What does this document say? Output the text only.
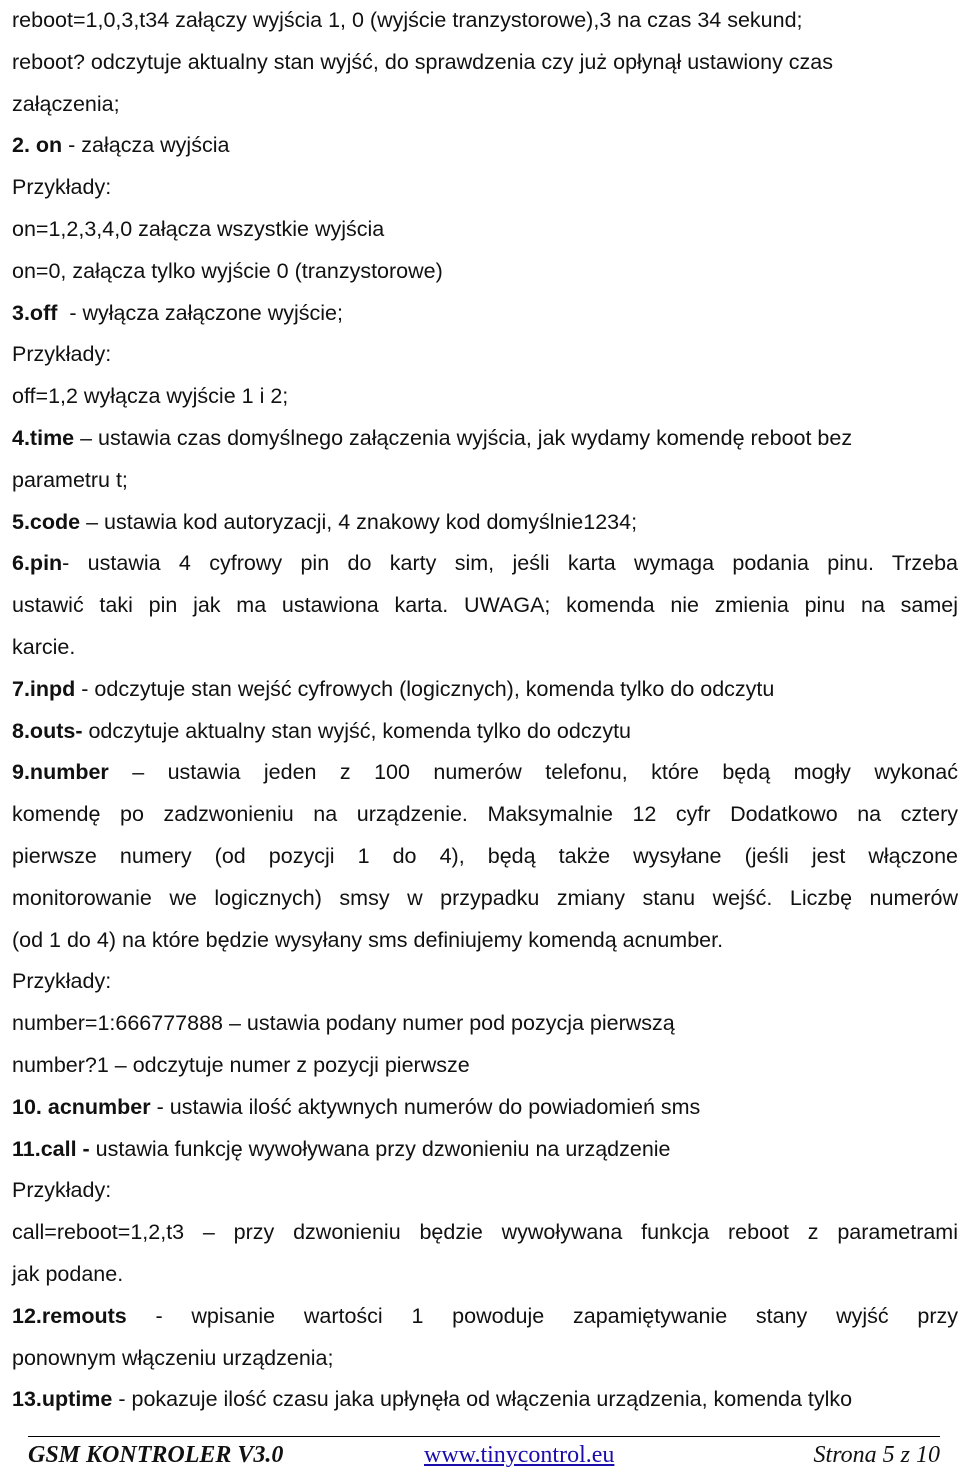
reboot=1,0,3,t34 załączy wyjścia 1, 0 (wyjście tranzystorowe),3 na czas 34 sekund;
reboot? odczytuje aktualny stan wyjść, do sprawdzenia czy już opłynął ustawiony czas
załączenia;
2. on - załącza wyjścia
Przykłady:
on=1,2,3,4,0 załącza wszystkie wyjścia
on=0, załącza tylko wyjście 0 (tranzystorowe)
3.off  - wyłącza załączone wyjście;
Przykłady:
off=1,2 wyłącza wyjście 1 i 2;
4.time – ustawia czas domyślnego załączenia wyjścia, jak wydamy komendę reboot bez
parametru t;
5.code – ustawia kod autoryzacji, 4 znakowy kod domyślnie1234;
6.pin- ustawia 4 cyfrowy pin do karty sim, jeśli karta wymaga podania pinu. Trzeba
ustawić taki pin jak ma ustawiona karta. UWAGA; komenda nie zmienia pinu na samej
karcie.
7.inpd - odczytuje stan wejść cyfrowych (logicznych), komenda tylko do odczytu
8.outs- odczytuje aktualny stan wyjść, komenda tylko do odczytu
9.number – ustawia jeden z 100 numerów telefonu, które będą mogły wykonać
komendę po zadzwonieniu na urządzenie. Maksymalnie 12 cyfr Dodatkowo na cztery
pierwsze numery (od pozycji 1 do 4), będą także wysyłane (jeśli jest włączone
monitorowanie we logicznych) smsy w przypadku zmiany stanu wejść. Liczbę numerów
(od 1 do 4) na które będzie wysyłany sms definiujemy komendą acnumber.
Przykłady:
number=1:666777888 – ustawia podany numer pod pozycja pierwszą
number?1 – odczytuje numer z pozycji pierwsze
10. acnumber - ustawia ilość aktywnych numerów do powiadomień sms
11.call - ustawia funkcję wywoływana przy dzwonieniu na urządzenie
Przykłady:
call=reboot=1,2,t3 – przy dzwonieniu będzie wywoływana funkcja reboot z parametrami
jak podane.
12.remouts - wpisanie wartości 1 powoduje zapamiętywanie stany wyjść przy
ponownym włączeniu urządzenia;
13.uptime - pokazuje ilość czasu jaka upłynęła od włączenia urządzenia, komenda tylko
GSM KONTROLER V3.0	www.tinycontrol.eu	Strona 5 z 10
